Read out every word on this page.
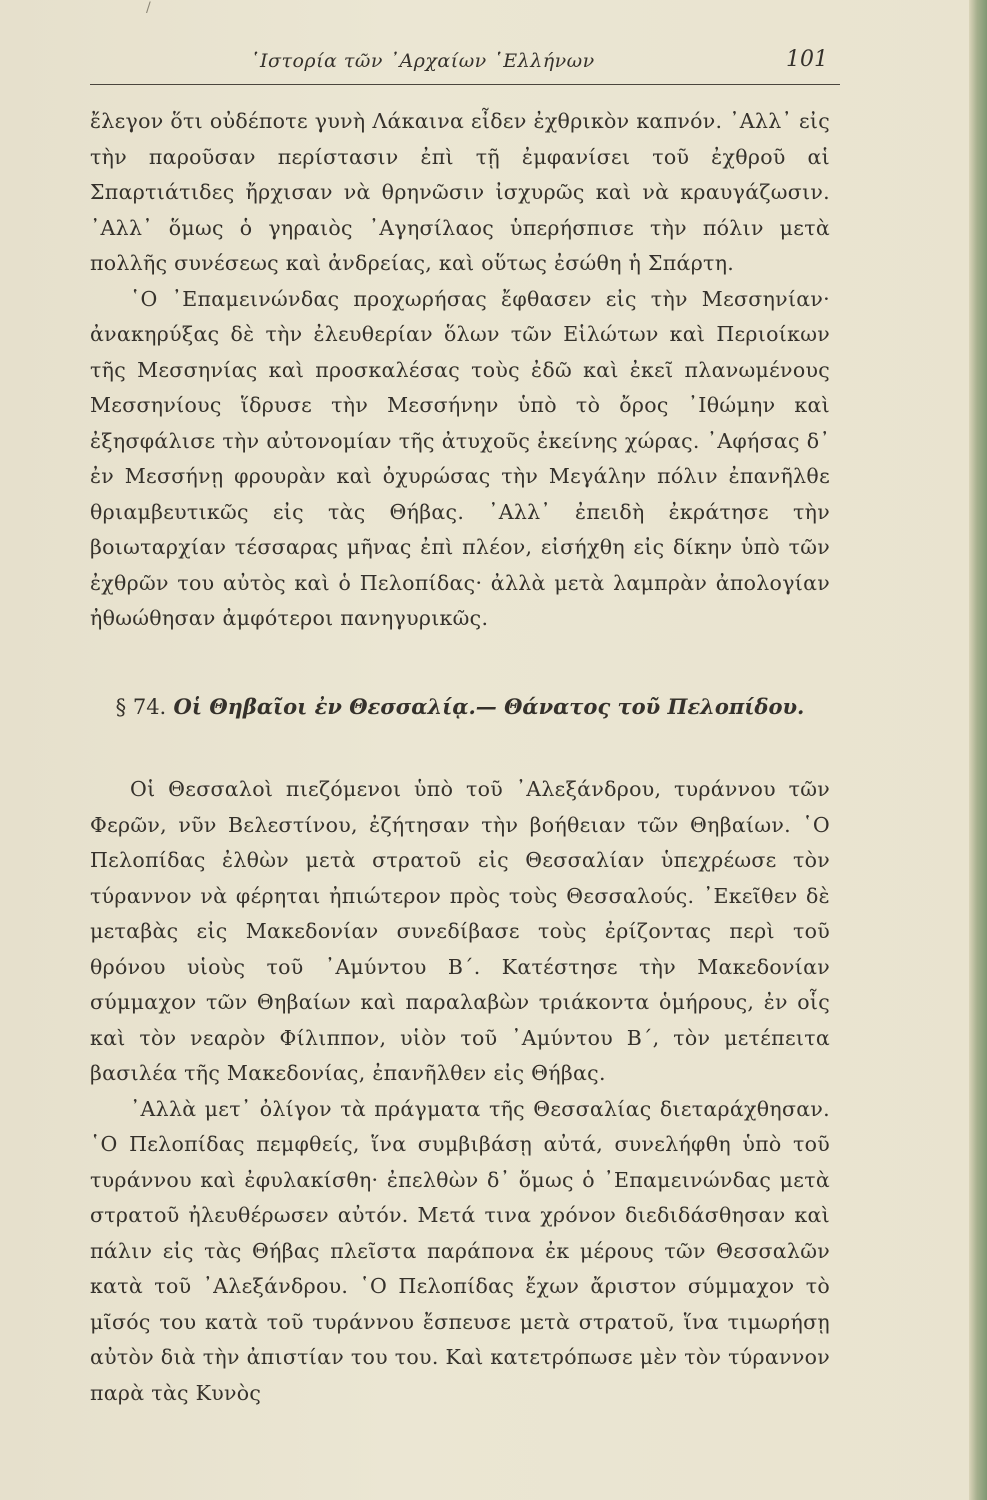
/
῾Ιστορία τῶν ᾿Αρχαίων ῾Ελλήνων	101

ἔλεγον ὅτι οὐδέποτε γυνὴ Λάκαινα εἶδεν ἐχθρικὸν καπνόν. ᾿Αλλ᾿ εἰς τὴν παροῦσαν περίστασιν ἐπὶ τῇ ἐμφανίσει τοῦ ἐχθροῦ αἱ Σπαρτιάτιδες ἤρχισαν νὰ θρηνῶσιν ἰσχυρῶς καὶ νὰ κραυγάζωσιν. ᾿Αλλ᾿ ὅμως ὁ γηραιὸς ᾿Αγησίλαος ὑπερήσπισε τὴν πόλιν μετὰ πολλῆς συνέσεως καὶ ἀνδρείας, καὶ οὕτως ἐσώθη ἡ Σπάρτη.

῾Ο ᾿Επαμεινώνδας προχωρήσας ἔφθασεν εἰς τὴν Μεσσηνίαν· ἀνακηρύξας δὲ τὴν ἐλευθερίαν ὅλων τῶν Εἱλώτων καὶ Περιοίκων τῆς Μεσσηνίας καὶ προσκαλέσας τοὺς ἐδῶ καὶ ἐκεῖ πλανωμένους Μεσσηνίους ἵδρυσε τὴν Μεσσήνην ὑπὸ τὸ ὄρος ᾿Ιθώμην καὶ ἐξησφάλισε τὴν αὐτονομίαν τῆς ἀτυχοῦς ἐκείνης χώρας. ᾿Αφήσας δ᾿ ἐν Μεσσήνῃ φρουρὰν καὶ ὀχυρώσας τὴν Μεγάλην πόλιν ἐπανῆλθε θριαμβευτικῶς εἰς τὰς Θήβας. ᾿Αλλ᾿ ἐπειδὴ ἐκράτησε τὴν βοιωταρχίαν τέσσαρας μῆνας ἐπὶ πλέον, εἰσήχθη εἰς δίκην ὑπὸ τῶν ἐχθρῶν του αὐτὸς καὶ ὁ Πελοπίδας· ἀλλὰ μετὰ λαμπρὰν ἀπολογίαν ἠθωώθησαν ἀμφότεροι πανηγυρικῶς.

§ 74. Οἱ Θηβαῖοι ἐν Θεσσαλίᾳ.— Θάνατος τοῦ Πελοπίδου.

Οἱ Θεσσαλοὶ πιεζόμενοι ὑπὸ τοῦ ᾿Αλεξάνδρου, τυράννου τῶν Φερῶν, νῦν Βελεστίνου, ἐζήτησαν τὴν βοήθειαν τῶν Θηβαίων. ῾Ο Πελοπίδας ἐλθὼν μετὰ στρατοῦ εἰς Θεσσαλίαν ὑπεχρέωσε τὸν τύραννον νὰ φέρηται ἠπιώτερον πρὸς τοὺς Θεσσαλούς. ᾿Εκεῖθεν δὲ μεταβὰς εἰς Μακεδονίαν συνεδίβασε τοὺς ἐρίζοντας περὶ τοῦ θρόνου υἱοὺς τοῦ ᾿Αμύντου Β΄. Κατέστησε τὴν Μακεδονίαν σύμμαχον τῶν Θηβαίων καὶ παραλαβὼν τριάκοντα ὁμήρους, ἐν οἷς καὶ τὸν νεαρὸν Φίλιππον, υἱὸν τοῦ ᾿Αμύντου Β΄, τὸν μετέπειτα βασιλέα τῆς Μακεδονίας, ἐπανῆλθεν εἰς Θήβας.

᾿Αλλὰ μετ᾿ ὀλίγον τὰ πράγματα τῆς Θεσσαλίας διεταράχθησαν. ῾Ο Πελοπίδας πεμφθείς, ἵνα συμβιβάσῃ αὐτά, συνελήφθη ὑπὸ τοῦ τυράννου καὶ ἐφυλακίσθη· ἐπελθὼν δ᾿ ὅμως ὁ ᾿Επαμεινώνδας μετὰ στρατοῦ ἠλευθέρωσεν αὐτόν. Μετά τινα χρόνον διεδιδάσθησαν καὶ πάλιν εἰς τὰς Θήβας πλεῖστα παράπονα ἐκ μέρους τῶν Θεσσαλῶν κατὰ τοῦ ᾿Αλεξάνδρου. ῾Ο Πελοπίδας ἔχων ἄριστον σύμμαχον τὸ μῖσός του κατὰ τοῦ τυράννου ἔσπευσε μετὰ στρατοῦ, ἵνα τιμωρήσῃ αὐτὸν διὰ τὴν ἀπιστίαν του του. Καὶ κατετρόπωσε μὲν τὸν τύραννον παρὰ τὰς Κυνὸς
